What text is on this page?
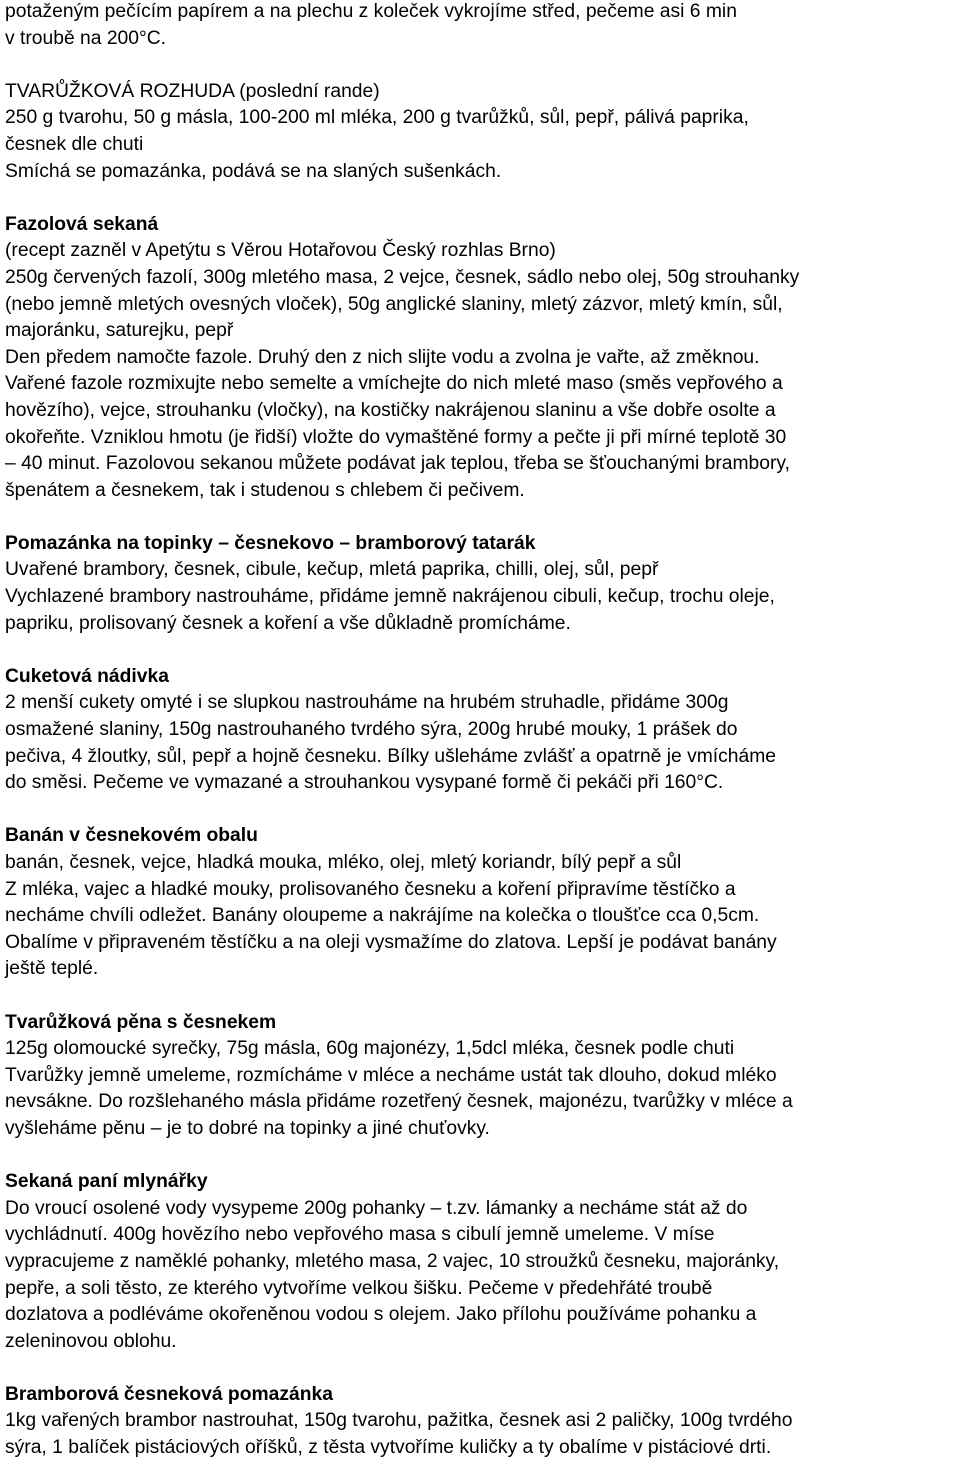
potaženým pečícím papírem a na plechu z koleček vykrojíme střed, pečeme asi 6 min
v troubě na 200°C.
TVARŮŽKOVÁ ROZHUDA (poslední rande)
250 g tvarohu, 50 g másla, 100-200 ml mléka, 200 g tvarůžků, sůl, pepř, pálivá paprika,
česnek dle chuti
Smíchá se pomazánka, podává se na slaných sušenkách.
Fazolová sekaná
(recept zazněl v Apetýtu s Věrou Hotařovou Český rozhlas Brno)
250g červených fazolí, 300g mletého masa, 2 vejce, česnek, sádlo nebo olej, 50g strouhanky
(nebo jemně mletých ovesných vloček), 50g anglické slaniny, mletý zázvor, mletý kmín, sůl,
majoránku, saturejku, pepř
Den předem namočte fazole. Druhý den z nich slijte vodu a zvolna je vařte, až změknou.
Vařené fazole rozmixujte nebo semelte a vmíchejte do nich mleté maso (směs vepřového a
hovězího), vejce, strouhanku (vločky), na kostičky nakrájenou slaninu a vše dobře osolte a
okořeňte. Vzniklou hmotu (je řidší) vložte do vymaštěné formy a pečte ji při mírné teplotě 30
– 40 minut. Fazolovou sekanou můžete podávat jak teplou, třeba se šťouchanými brambory,
špenátem a česnekem, tak i studenou s chlebem či pečivem.
Pomazánka na topinky – česnekovo – bramborový tatarák
Uvařené brambory, česnek, cibule, kečup, mletá paprika, chilli, olej, sůl, pepř
Vychlazené brambory nastrouháme, přidáme jemně nakrájenou cibuli, kečup, trochu oleje,
papriku, prolisovaný česnek a koření a vše důkladně promícháme.
Cuketová nádivka
2 menší cukety omyté i se slupkou nastrouháme na hrubém struhadle, přidáme 300g
osmažené slaniny, 150g nastrouhaného tvrdého sýra, 200g hrubé mouky, 1 prášek do
pečiva, 4 žloutky, sůl, pepř a hojně česneku. Bílky ušleháme zvlášť a opatrně je vmícháme
do směsi. Pečeme ve vymazané a strouhankou vysypané formě či pekáči při 160°C.
Banán v česnekovém obalu
banán, česnek, vejce, hladká mouka, mléko, olej, mletý koriandr, bílý pepř a sůl
Z mléka, vajec a hladké mouky, prolisovaného česneku a koření připravíme těstíčko a
necháme chvíli odležet. Banány oloupeme a nakrájíme na kolečka o tloušťce cca 0,5cm.
Obalíme v připraveném těstíčku a na oleji vysmažíme do zlatova. Lepší je podávat banány
ještě teplé.
Tvarůžková pěna s česnekem
125g olomoucké syrečky, 75g másla, 60g majonézy, 1,5dcl mléka, česnek podle chuti
Tvarůžky jemně umeleme, rozmícháme v mléce a necháme ustát tak dlouho, dokud mléko
nevsákne. Do rozšlehaného másla přidáme rozetřený česnek, majonézu, tvarůžky v mléce a
vyšleháme pěnu – je to dobré na topinky a jiné chuťovky.
Sekaná paní mlynářky
Do vroucí osolené vody vysypeme 200g pohanky – t.zv. lámanky a necháme stát až do
vychládnutí. 400g hovězího nebo vepřového masa s cibulí jemně umeleme. V míse
vypracujeme z naměklé pohanky, mletého masa, 2 vajec, 10 stroužků česneku, majoránky,
pepře, a soli těsto, ze kterého vytvoříme velkou šišku. Pečeme v předehřáté troubě
dozlatova a podléváme okořeněnou vodou s olejem. Jako přílohu používáme pohanku a
zeleninovou oblohu.
Bramborová česneková pomazánka
1kg vařených brambor nastrouhat, 150g tvarohu, pažitka, česnek asi 2 paličky, 100g tvrdého
sýra, 1 balíček pistáciových oříšků, z těsta vytvoříme kuličky a ty obalíme v pistáciové drti.
